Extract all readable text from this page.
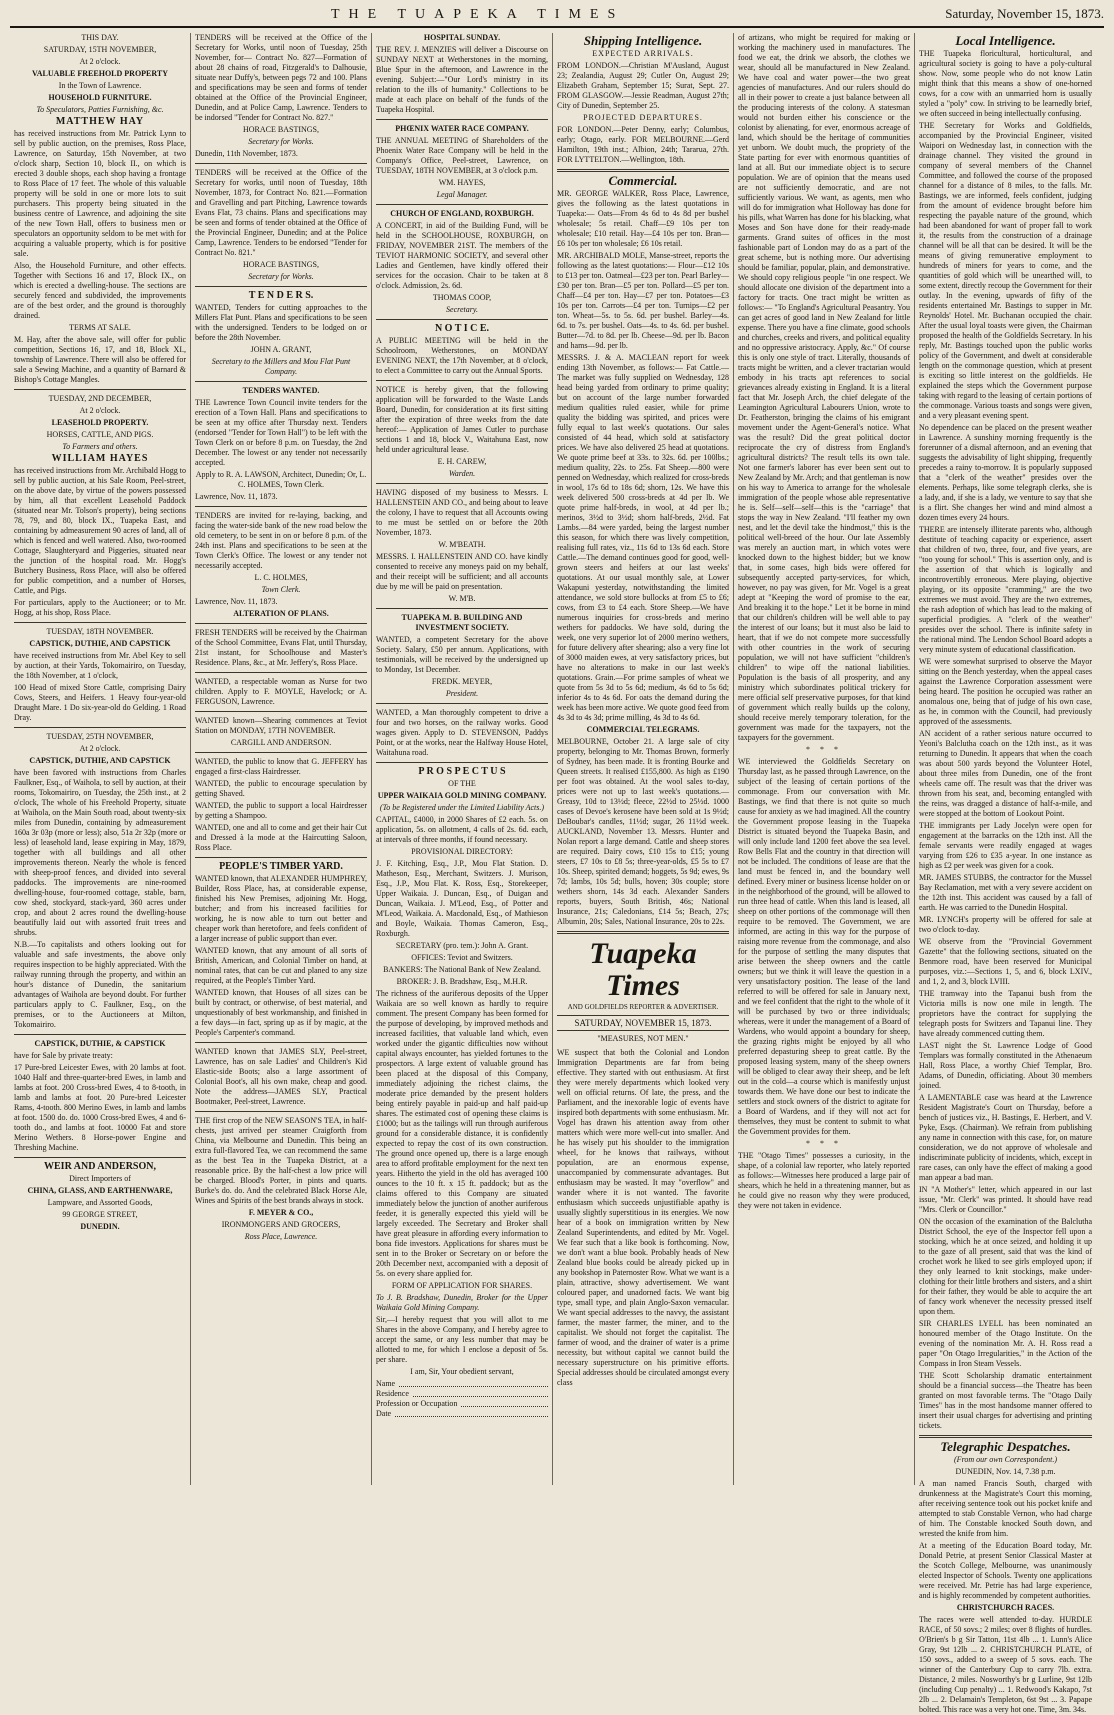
THE TUAPEKA TIMES	Saturday, November 15, 1873.

THIS DAY.

SATURDAY, 15TH NOVEMBER,

At 2 o'clock.

VALUABLE FREEHOLD PROPERTY

In the Town of Lawrence.

HOUSEHOLD FURNITURE.

To Speculators, Patties Furnishing, &c.

MATTHEW HAY

has received instructions from Mr. Patrick Lynn to sell by public auction, on the premises, Ross Place, Lawrence, on Saturday, 15th November, at two o'clock sharp, Section 10, block II., on which is erected 3 double shops, each shop having a frontage to Ross Place of 17 feet. The whole of this valuable property will be sold in one or more lots to suit purchasers. This property being situated in the business centre of Lawrence, and adjoining the site of the new Town Hall, offers to business men or speculators an opportunity seldom to be met with for acquiring a valuable property, which is for positive sale.

Also, the Household Furniture, and other effects. Together with Sections 16 and 17, Block IX., on which is erected a dwelling-house. The sections are securely fenced and subdivided, the improvements are of the best order, and the ground is thoroughly drained.

TERMS AT SALE.

M. Hay, after the above sale, will offer for public competition, Sections 16, 17, and 18, Block XI., township of Lawrence. There will also be offered for sale a Sewing Machine, and a quantity of Barnard & Bishop's Cottage Mangles.

TUESDAY, 2ND DECEMBER,

At 2 o'clock.

LEASEHOLD PROPERTY.

HORSES, CATTLE, AND PIGS.

To Farmers and others.

WILLIAM HAYES

has received instructions from Mr. Archibald Hogg to sell by public auction, at his Sale Room, Peel-street, on the above date, by virtue of the powers possessed by him, all that excellent Leasehold Paddock (situated near Mr. Tolson's property), being sections 78, 79, and 80, block IX., Tuapeka East, and containing by admeasurement 90 acres of land, all of which is fenced and well watered. Also, two-roomed Cottage, Slaughteryard and Piggeries, situated near the junction of the hospital road. Mr. Hogg's Butchery Business, Ross Place, will also be offered for public competition, and a number of Horses, Cattle, and Pigs.

For particulars, apply to the Auctioneer; or to Mr. Hogg, at his shop, Ross Place.

TUESDAY, 18TH NOVEMBER.

CAPSTICK, DUTHIE, AND CAPSTICK

have received instructions from Mr. Abel Key to sell by auction, at their Yards, Tokomairiro, on Tuesday, the 18th November, at 1 o'clock,

100 Head of mixed Store Cattle, comprising Dairy Cows, Steers, and Heifers. 1 Heavy four-year-old Draught Mare. 1 Do six-year-old do Gelding. 1 Road Dray.

TUESDAY, 25TH NOVEMBER,

At 2 o'clock.

CAPSTICK, DUTHIE, AND CAPSTICK

have been favored with instructions from Charles Faulkner, Esq., of Waihola, to sell by auction, at their rooms, Tokomairiro, on Tuesday, the 25th inst., at 2 o'clock, The whole of his Freehold Property, situate at Waihola, on the Main South road, about twenty-six miles from Dunedin, containing by admeasurement 160a 3r 03p (more or less); also, 51a 2r 32p (more or less) of leasehold land, lease expiring in May, 1879, together with all buildings and all other improvements thereon. Nearly the whole is fenced with sheep-proof fences, and divided into several paddocks. The improvements are nine-roomed dwelling-house, four-roomed cottage, stable, barn, cow shed, stockyard, stack-yard, 360 acres under crop, and about 2 acres round the dwelling-house beautifully laid out with assorted fruit trees and shrubs.

N.B.—To capitalists and others looking out for valuable and safe investments, the above only requires inspection to be highly appreciated. With the railway running through the property, and within an hour's distance of Dunedin, the sanitarium advantages of Waihola are beyond doubt. For further particulars apply to C. Faulkner, Esq., on the premises, or to the Auctioneers at Milton, Tokomairiro.

CAPSTICK, DUTHIE, & CAPSTICK

have for Sale by private treaty:

17 Pure-bred Leicester Ewes, with 20 lambs at foot. 1040 Half and three-quarter-bred Ewes, in lamb and lambs at foot. 200 Cross-bred Ewes, 4 to 8-tooth, in lamb and lambs at foot. 20 Pure-bred Leicester Rams, 4-tooth. 800 Merino Ewes, in lamb and lambs at foot. 1500 do. do. 1000 Cross-bred Ewes, 4 and 6-tooth do., and lambs at foot. 10000 Fat and store Merino Wethers. 8 Horse-power Engine and Threshing Machine.

WEIR AND ANDERSON,

Direct Importers of

CHINA, GLASS, AND EARTHENWARE,

Lampware, and Assorted Goods,

99 GEORGE STREET,

DUNEDIN.

TENDERS will be received at the Office of the Secretary for Works, until noon of Tuesday, 25th November, for— Contract No. 827—Formation of about 28 chains of road, Fitzgerald's to Dalhousie, situate near Duffy's, between pegs 72 and 100. Plans and specifications may be seen and forms of tender obtained at the Office of the Provincial Engineer, Dunedin, and at Police Camp, Lawrence. Tenders to be indorsed "Tender for Contract No. 827."

HORACE BASTINGS,

Secretary for Works.

Dunedin, 11th November, 1873.

TENDERS will be received at the Office of the Secretary for works, until noon of Tuesday, 18th November, 1873, for Contract No. 821.—Formation and Gravelling and part Pitching, Lawrence towards Evans Flat, 73 chains. Plans and specifications may be seen and forms of tender obtained at the Office of the Provincial Engineer, Dunedin; and at the Police Camp, Lawrence. Tenders to be endorsed "Tender for Contract No. 821."

HORACE BASTINGS,

Secretary for Works.

T E N D E R S.

WANTED, Tenders for cutting approaches to the Millers Flat Punt. Plans and specifications to be seen with the undersigned. Tenders to be lodged on or before the 28th November.

JOHN A. GRANT,

Secretary to the Millers and Mou Flat Punt Company.

TENDERS WANTED.

THE Lawrence Town Council invite tenders for the erection of a Town Hall. Plans and specifications to be seen at my office after Thursday next. Tenders (endorsed "Tender for Town Hall") to be left with the Town Clerk on or before 8 p.m. on Tuesday, the 2nd December. The lowest or any tender not necessarily accepted.

Apply to R. A. LAWSON, Architect, Dunedin; Or, L. C. HOLMES, Town Clerk.

Lawrence, Nov. 11, 1873.

TENDERS are invited for re-laying, backing, and facing the water-side bank of the new road below the old cemetery, to be sent in on or before 8 p.m. of the 24th inst. Plans and specifications to be seen at the Town Clerk's Office. The lowest or any tender not necessarily accepted.

L. C. HOLMES,

Town Clerk.

Lawrence, Nov. 11, 1873.

ALTERATION OF PLANS.

FRESH TENDERS will be received by the Chairman of the School Committee, Evans Flat, until Thursday, 21st instant, for Schoolhouse and Master's Residence. Plans, &c., at Mr. Jeffery's, Ross Place.

WANTED, a respectable woman as Nurse for two children. Apply to F. MOYLE, Havelock; or A. FERGUSON, Lawrence.

WANTED known—Shearing commences at Teviot Station on MONDAY, 17TH NOVEMBER.

CARGILL AND ANDERSON.

WANTED, the public to know that G. JEFFERY has engaged a first-class Hairdresser.

WANTED, the public to encourage speculation by getting Shaved.

WANTED, the public to support a local Hairdresser by getting a Shampoo.

WANTED, one and all to come and get their hair Cut and Dressed à la mode at the Haircutting Saloon, Ross Place.

PEOPLE'S TIMBER YARD.

WANTED known, that ALEXANDER HUMPHREY, Builder, Ross Place, has, at considerable expense, finished his New Premises, adjoining Mr. Hogg, butcher; and from his increased facilities for working, he is now able to turn out better and cheaper work than heretofore, and feels confident of a larger increase of public support than ever.

WANTED known, that any amount of all sorts of British, American, and Colonial Timber on hand, at nominal rates, that can be cut and planed to any size required, at the People's Timber Yard.

WANTED known, that Houses of all sizes can be built by contract, or otherwise, of best material, and unquestionably of best workmanship, and finished in a few days—in fact, spring up as if by magic, at the People's Carpenter's command.

WANTED known that JAMES SLY, Peel-street, Lawrence, has on sale Ladies' and Children's Kid Elastic-side Boots; also a large assortment of Colonial Boot's, all his own make, cheap and good. Note the address—JAMES SLY, Practical Bootmaker, Peel-street, Lawrence.

THE first crop of the NEW SEASON'S TEA, in half-chests, just arrived per steamer Craigforth from China, via Melbourne and Dunedin. This being an extra full-flavored Tea, we can recommend the same as the best Tea in the Tuapeka District, at a reasonable price. By the half-chest a low price will be charged. Blood's Porter, in pints and quarts. Burke's do. do. And the celebrated Black Horse Ale, Wines and Spirits of the best brands always in stock.

F. MEYER & CO.,

IRONMONGERS AND GROCERS,

Ross Place, Lawrence.

HOSPITAL SUNDAY.

THE REV. J. MENZIES will deliver a Discourse on SUNDAY NEXT at Wetherstones in the morning, Blue Spur in the afternoon, and Lawrence in the evening. Subject:—"Our Lord's ministry in its relation to the ills of humanity." Collections to be made at each place on behalf of the funds of the Tuapeka Hospital.

PHŒNIX WATER RACE COMPANY.

THE ANNUAL MEETING of Shareholders of the Phoenix Water Race Company will be held in the Company's Office, Peel-street, Lawrence, on TUESDAY, 18TH NOVEMBER, at 3 o'clock p.m.

WM. HAYES,

Legal Manager.

CHURCH OF ENGLAND, ROXBURGH.

A CONCERT, in aid of the Building Fund, will be held in the SCHOOLHOUSE, ROXBURGH, on FRIDAY, NOVEMBER 21ST. The members of the TEVIOT HARMONIC SOCIETY, and several other Ladies and Gentlemen, have kindly offered their services for the occasion. Chair to be taken at 8 o'clock. Admission, 2s. 6d.

THOMAS COOP,

Secretary.

N O T I C E.

A PUBLIC MEETING will be held in the Schoolroom, Wetherstones, on MONDAY EVENING NEXT, the 17th November, at 8 o'clock, to elect a Committee to carry out the Annual Sports.

NOTICE is hereby given, that the following application will be forwarded to the Waste Lands Board, Dunedin, for consideration at its first sitting after the expiration of three weeks from the date hereof:— Application of James Cutler to purchase sections 1 and 18, block V., Waitahuna East, now held under agricultural lease.

E. H. CAREW,

Warden.

HAVING disposed of my business to Messrs. I. HALLENSTEIN AND CO., and being about to leave the colony, I have to request that all Accounts owing to me must be settled on or before the 20th November, 1873.

W. M'BEATH.

MESSRS. I. HALLENSTEIN AND CO. have kindly consented to receive any moneys paid on my behalf, and their receipt will be sufficient; and all accounts due by me will be paid on presentation.

W. M'B.

TUAPEKA M. B. BUILDING AND INVESTMENT SOCIETY.

WANTED, a competent Secretary for the above Society. Salary, £50 per annum. Applications, with testimonials, will be received by the undersigned up to Monday, 1st December.

FREDK. MEYER,

President.

WANTED, a Man thoroughly competent to drive a four and two horses, on the railway works. Good wages given. Apply to D. STEVENSON, Paddys Point, or at the works, near the Halfway House Hotel, Waitahuna road.

P R O S P E C T U S

OF THE

UPPER WAIKAIA GOLD MINING COMPANY.

(To be Registered under the Limited Liability Acts.)

CAPITAL, £4000, in 2000 Shares of £2 each. 5s. on application, 5s. on allotment, 4 calls of 2s. 6d. each, at intervals of three months, if found necessary.

PROVISIONAL DIRECTORY:

J. F. Kitching, Esq., J.P., Mou Flat Station. D. Matheson, Esq., Merchant, Switzers. J. Murison, Esq., J.P., Mou Flat. K. Ross, Esq., Storekeeper, Upper Waikaia. J. Duncan, Esq., of Duigan and Duncan, Waikaia. J. M'Leod, Esq., of Potter and M'Leod, Waikaia. A. Macdonald, Esq., of Mathieson and Boyle, Waikaia. Thomas Cameron, Esq., Roxburgh.

SECRETARY (pro. tem.): John A. Grant.

OFFICES: Teviot and Switzers.

BANKERS: The National Bank of New Zealand.

BROKER: J. B. Bradshaw, Esq., M.H.R.

The richness of the auriferous deposits of the Upper Waikaia are so well known as hardly to require comment. The present Company has been formed for the purpose of developing, by improved methods and increased facilities, that valuable land which, even worked under the gigantic difficulties now without capital always encounter, has yielded fortunes to the prospectors. A large extent of valuable ground has been placed at the disposal of this Company, immediately adjoining the richest claims, the moderate price demanded by the present holders being entirely payable in paid-up and half paid-up shares. The estimated cost of opening these claims is £1000; but as the tailings will run through auriferous ground for a considerable distance, it is confidently expected to repay the cost of its own construction. The ground once opened up, there is a large enough area to afford profitable employment for the next ten years. Hitherto the yield in the old has averaged 100 ounces to the 10 ft. x 15 ft. paddock; but as the claims offered to this Company are situated immediately below the junction of another auriferous feeder, it is generally expected this yield will be largely exceeded. The Secretary and Broker shall have great pleasure in affording every information to bona fide investors. Applications for shares must be sent in to the Broker or Secretary on or before the 20th December next, accompanied with a deposit of 5s. on every share applied for.

FORM OF APPLICATION FOR SHARES.

To J. B. Bradshaw, Dunedin, Broker for the Upper Waikaia Gold Mining Company.

Sir,—I hereby request that you will allot to me Shares in the above Company, and I hereby agree to accept the same, or any less number that may be allotted to me, for which I enclose a deposit of 5s. per share.

I am, Sir, Your obedient servant,

Name
Residence
Profession or Occupation
Date

Shipping Intelligence.

EXPECTED ARRIVALS.

FROM LONDON.—Christian M'Ausland, August 23; Zealandia, August 29; Cutler On, August 29; Elizabeth Graham, September 15; Surat, Sept. 27. FROM GLASGOW.—Jessie Readman, August 27th; City of Dunedin, September 25.

PROJECTED DEPARTURES.

FOR LONDON.—Peter Denny, early; Columbus, early; Otago, early. FOR MELBOURNE.—Gerd Hamilton, 19th inst.; Albion, 24th; Tararua, 27th. FOR LYTTELTON.—Wellington, 18th.

Commercial.

MR. GEORGE WALKER, Ross Place, Lawrence, gives the following as the latest quotations in Tuapeka:— Oats—From 4s 6d to 4s 8d per bushel wholesale; 5s retail. Chaff—£9 10s per ton wholesale; £10 retail. Hay—£4 10s per ton. Bran—£6 10s per ton wholesale; £6 10s retail.

MR. ARCHIBALD MOLE, Manse-street, reports the following as the latest quotations:— Flour—£12 10s to £13 per ton. Oatmeal—£23 per ton. Pearl Barley—£30 per ton. Bran—£5 per ton. Pollard—£5 per ton. Chaff—£4 per ton. Hay—£7 per ton. Potatoes—£3 10s per ton. Carrots—£4 per ton. Turnips—£2 per ton. Wheat—5s. to 5s. 6d. per bushel. Barley—4s. 6d. to 7s. per bushel. Oats—4s. to 4s. 6d. per bushel. Butter—7d. to 8d. per lb. Cheese—9d. per lb. Bacon and hams—9d. per lb.

MESSRS. J. & A. MACLEAN report for week ending 13th November, as follows:— Fat Cattle.—The market was fully supplied on Wednesday, 128 head being yarded from ordinary to prime quality; but on account of the large number forwarded medium qualities ruled easier, while for prime quality the bidding was spirited, and prices were fully equal to last week's quotations. Our sales consisted of 44 head, which sold at satisfactory prices. We have also delivered 25 head at quotations. We quote prime beef at 33s. to 32s. 6d. per 100lbs.; medium quality, 22s. to 25s. Fat Sheep.—800 were penned on Wednesday, which realized for cross-breds in wool, 17s 6d to 18s 6d; shorn, 12s. We have this week delivered 500 cross-breds at 4d per lb. We quote prime half-breds, in wool, at 4d per lb.; merinos, 3½d to 3½d; shorn half-breds, 2½d. Fat Lambs.—84 were yarded, being the largest number this season, for which there was lively competition, realising full rates, viz., 11s 6d to 13s 6d each. Store Cattle.—The demand continues good for good, well-grown steers and heifers at our last weeks' quotations. At our usual monthly sale, at Lower Wakapuni yesterday, notwithstanding the limited attendance, we sold store bullocks at from £5 to £6; cows, from £3 to £4 each. Store Sheep.—We have numerous inquiries for cross-breds and merino wethers for paddocks. We have sold, during the week, one very superior lot of 2000 merino wethers, for future delivery after shearing; also a very fine lot of 3000 maiden ewes, at very satisfactory prices, but have no alterations to make in our last week's quotations. Grain.—For prime samples of wheat we quote from 5s 3d to 5s 6d; medium, 4s 6d to 5s 6d; inferior 4s to 4s 6d. For oats the demand during the week has been more active. We quote good feed from 4s 3d to 4s 3d; prime milling, 4s 3d to 4s 6d.

COMMERCIAL TELEGRAMS.

MELBOURNE, October 21. A large sale of city property, belonging to Mr. Thomas Brown, formerly of Sydney, has been made. It is fronting Bourke and Queen streets. It realised £155,800. As high as £190 per foot was obtained. At the wool sales to-day, prices were not up to last week's quotations.—Greasy, 10d to 13½d; fleece, 22½d to 25½d. 1000 cases of Devoe's kerosene have been sold at 1s 9½d; DeBoubar's candles, 11½d; sugar, 26 11½d week. AUCKLAND, November 13. Messrs. Hunter and Nolan report a large demand. Cattle and sheep stores are required. Dairy cows, £10 15s to £15; young steers, £7 10s to £8 5s; three-year-olds, £5 5s to £7 10s. Sheep, spirited demand; hoggets, 5s 9d; ewes, 9s 7d; lambs, 10s 5d; bulls, hoven; 30s couple; store wethers shorn, 14s 3d each. Alexander Sanders reports, buyers, South British, 46s; National Insurance, 21s; Caledonians, £14 5s; Beach, 27s; Albumin, 20s; Sales, National Insurance, 20s to 22s.

Tuapeka Times

AND GOLDFIELDS REPORTER & ADVERTISER.

SATURDAY, NOVEMBER 15, 1873.

"MEASURES, NOT MEN."

WE suspect that both the Colonial and London Immigration Departments are far from being effective. They started with out enthusiasm. At first they were merely departments which looked very well on official returns. Of late, the press, and the Parliament, and the inexorable logic of events have inspired both departments with some enthusiasm. Mr. Vogel has drawn his attention away from other matters which were more well-cut into smaller. And he has wisely put his shoulder to the immigration wheel, for he knows that railways, without population, are an enormous expense, unaccompanied by commensurate advantages. But enthusiasm may be wasted. It may "overflow" and wander where it is not wanted. The favorite enthusiasm which succeeds unjustifiable apathy is usually slightly superstitious in its energies. We now hear of a book on immigration written by New Zealand Superintendents, and edited by Mr. Vogel. We fear such that a like book is forthcoming. Now, we don't want a blue book. Probably heads of New Zealand blue books could be already picked up in any bookshop in Paternoster Row. What we want is a plain, attractive, showy advertisement. We want coloured paper, and unadorned facts. We want big type, small type, and plain Anglo-Saxon vernacular. We want special addresses to the navvy, the assistant farmer, the master farmer, the miner, and to the capitalist. We should not forget the capitalist. The farmer of wood, and the drainer of water is a prime necessity, but without capital we cannot build the necessary superstructure on his primitive efforts. Special addresses should be circulated amongst every class

of artizans, who might be required for making or working the machinery used in manufactures. The food we eat, the drink we absorb, the clothes we wear, should all be manufactured in New Zealand. We have coal and water power—the two great agencies of manufactures. And our rulers should do all in their power to create a just balance between all the producing interests of the colony. A statesman would not burden either his conscience or the colonist by alienating, for ever, enormous acreage of land, which should be the heritage of communities yet unborn. We doubt much, the propriety of the State parting for ever with enormous quantities of land at all. But our immediate object is to secure population. We are of opinion that the means used are not sufficiently democratic, and are not sufficiently various. We want, as agents, men who will do for immigration what Holloway has done for his pills, what Warren has done for his blacking, what Moses and Son have done for their ready-made garments. Grand suites of offices in the most fashionable part of London may do as a part of the great scheme, but is nothing more. Our advertising should be familiar, popular, plain, and demonstrative. We should copy religious people "in one respect. We should allocate one division of the department into a factory for tracts. One tract might be written as follows:— "To England's Agricultural Peasantry. You can get acres of good land in New Zealand for little expense. There you have a fine climate, good schools and churches, creeks and rivers, and political equality and no oppressive aristocracy. Apply, &c." Of course this is only one style of tract. Literally, thousands of tracts might be written, and a clever tractarian would embody in his tracts apt references to social grievances already existing in England. It is a literal fact that Mr. Joseph Arch, the chief delegate of the Leamington Agricultural Labourers Union, wrote to Dr. Featherston, bringing the claims of his emigrant movement under the Agent-General's notice. What was the result? Did the great political doctor reciprocate the cry of distress from England's agricultural districts? The result tells its own tale. Not one farmer's laborer has ever been sent out to New Zealand by Mr. Arch; and that gentleman is now on his way to America to arrange for the wholesale immigration of the people whose able representative he is. Self—self—self—this is the "carriage" that stops the way in New Zealand. "I'll feather my own nest, and let the devil take the hindmost," this is the political well-breed of the hour. Our late Assembly was merely an auction mart, in which votes were knocked down to the highest bidder; but we know that, in some cases, high bids were offered for subsequently accepted party-services, for which, however, no pay was given, for Mr. Vogel is a great adept at "Keeping the word of promise to the ear, And breaking it to the hope." Let it be borne in mind that our children's children will be well able to pay the interest of our loans; but it must also be laid to heart, that if we do not compete more successfully with other countries in the work of securing population, we will not have sufficient "children's children" to wipe off the national liabilities. Population is the basis of all prosperity, and any ministry which subordinates political trickery for mere official self preservative purposes, for that kind of government which really builds up the colony, should receive merely temporary toleration, for the government was made for the taxpayers, not the taxpayers for the government.

* * *

WE interviewed the Goldfields Secretary on Thursday last, as he passed through Lawrence, on the subject of the leasing of certain portions of the commonage. From our conversation with Mr. Bastings, we find that there is not quite so much cause for anxiety as we had imagined. All the country the Government propose leasing in the Tuapeka District is situated beyond the Tuapeka Basin, and will only include land 1200 feet above the sea level. Row Bells Flat and the country in that direction will not be included. The conditions of lease are that the land must be fenced in, and the boundary well defined. Every miner or business license holder on or in the neighborhood of the ground, will be allowed to run three head of cattle. When this land is leased, all sheep on other portions of the commonage will then require to be removed. The Government, we are informed, are acting in this way for the purpose of raising more revenue from the commonage, and also for the purpose of settling the many disputes that arise between the sheep owners and the cattle owners; but we think it will leave the question in a very unsatisfactory position. The lease of the land referred to will be offered for sale in January next, and we feel confident that the right to the whole of it will be purchased by two or three individuals; whereas, were it under the management of a Board of Wardens, who would appoint a boundary for sheep, the grazing rights might be enjoyed by all who preferred depasturing sheep to great cattle. By the proposed leasing system, many of the sheep owners will be obliged to clear away their sheep, and be left out in the cold—a course which is manifestly unjust towards them. We have done our best to indicate the settlers and stock owners of the district to agitate for a Board of Wardens, and if they will not act for themselves, they must be content to submit to what the Government provides for them.

* * *

THE "Otago Times" possesses a curiosity, in the shape, of a colonial law reporter, who lately reported as follows:—Witnesses here produced a large pair of shears, which he held in a threatening manner, but as he could give no reason why they were produced, they were not taken in evidence.

Local Intelligence.

THE Tuapeka floricultural, horticultural, and agricultural society is going to have a poly-cultural show. Now, some people who do not know Latin might think that this means a show of one-horned cows, for a cow with an unmarried horn is usually styled a "poly" cow. In striving to be learnedly brief, we often succeed in being intellectually confusing.

THE Secretary for Works and Goldfields, accompanied by the Provincial Engineer, visited Waipori on Wednesday last, in connection with the drainage channel. They visited the ground in company of several members of the Channel Committee, and followed the course of the proposed channel for a distance of 8 miles, to the falls. Mr. Bastings, we are informed, feels confident, judging from the amount of evidence brought before him respecting the payable nature of the ground, which had been abandoned for want of proper fall to work it, the results from the construction of a drainage channel will be all that can be desired. It will be the means of giving remunerative employment to hundreds of miners for years to come, and the quantities of gold which will be unearthed will, to some extent, directly recoup the Government for their outlay. In the evening, upwards of fifty of the residents entertained Mr. Bastings to supper in Mr. Reynolds' Hotel. Mr. Buchanan occupied the chair. After the usual loyal toasts were given, the Chairman proposed the health of the Goldfields Secretary. In his reply, Mr. Bastings touched upon the public works policy of the Government, and dwelt at considerable length on the commonage question, which at present is exciting so little interest on the goldfields. He explained the steps which the Government purpose taking with regard to the leasing of certain portions of the commonage. Various toasts and songs were given, and a very pleasant evening spent.

No dependence can be placed on the present weather in Lawrence. A sunshiny morning frequently is the forerunner of a dismal afternoon, and an evening that suggests the advisability of light shipping, frequently precedes a rainy to-morrow. It is popularly supposed that a "clerk of the weather" presides over the elements. Perhaps, like some telegraph clerks, she is a lady, and, if she is a lady, we venture to say that she is a flirt. She changes her wind and mind almost a dozen times every 24 hours.

THERE are intensely illiterate parents who, although destitute of teaching capacity or experience, assert that children of two, three, four, and five years, are "too young for school." This is assertion only, and is the assertion of that which is logically and incontrovertibly erroneous. Mere playing, objective playing, or its opposite "cramming," are the two extremes we must avoid. They are the two extremes, the rash adoption of which has lead to the making of superficial prodigies. A "clerk of the weather" presides over the school. There is infinite safety in the rational mind. The Lendon School Board adopts a very minute system of educational classification.

WE were somewhat surprised to observe the Mayor sitting on the Bench yesterday, when the appeal cases against the Lawrence Corporation assessment were being heard. The position he occupied was rather an anomalous one, being that of judge of his own case, as he, in common with the Council, had previously approved of the assessments.

AN accident of a rather serious nature occurred to Yeoni's Balclutha coach on the 12th inst., as it was returning to Dunedin. It appears that when the coach was about 500 yards beyond the Volunteer Hotel, about three miles from Dunedin, one of the front wheels came off. The result was that the driver was thrown from his seat, and, becoming entangled with the reins, was dragged a distance of half-a-mile, and were stopped at the bottom of Lookout Point.

THE immigrants per Lady Jocelyn were open for engagement at the barracks on the 12th inst. All the female servants were readily engaged at wages varying from £26 to £35 a-year. In one instance as high as £2 per week was given for a cook.

MR. JAMES STUBBS, the contractor for the Mussel Bay Reclamation, met with a very severe accident on the 12th inst. This accident was caused by a fall of earth. He was carried to the Dunedin Hospital.

MR. LYNCH's property will be offered for sale at two o'clock to-day.

WE observe from the "Provincial Government Gazette" that the following sections, situated on the Benmore road, have been reserved for Municipal purposes, viz.:—Sections 1, 5, and 6, block LXIV., and 1, 2, and 3, block LVIII.

THE tramway into the Tapanui bush from the Victoria mills is now one mile in length. The proprietors have the contract for supplying the telegraph posts for Switzers and Tapanui line. They have already commenced cutting them.

LAST night the St. Lawrence Lodge of Good Templars was formally constituted in the Athenaeum Hall, Ross Place, a worthy Chief Templar, Bro. Adams, of Dunedin, officiating. About 30 members joined.

A LAMENTABLE case was heard at the Lawrence Resident Magistrate's Court on Thursday, before a bench of justices viz., H. Bastings, E. Herbert, and V. Pyke, Esqs. (Chairman). We refrain from publishing any name in connection with this case, for, on mature consideration, we do not approve of wholesale and indiscriminate publicity of incidents, which, except in rare cases, can only have the effect of making a good man appear a bad man.

IN "A Mother's" letter, which appeared in our last issue, "Mr. Clerk" was printed. It should have read "Mrs. Clerk or Councillor."

ON the occasion of the examination of the Balclutha District School, the eye of the Inspector fell upon a stocking, which he at once seized, and holding it up to the gaze of all present, said that was the kind of crochet work he liked to see girls employed upon; if they only learned to knit stockings, make under-clothing for their little brothers and sisters, and a shirt for their father, they would be able to acquire the art of fancy work whenever the necessity pressed itself upon them.

SIR CHARLES LYELL has been nominated an honoured member of the Otago Institute. On the evening of the nomination Mr. A. H. Ross read a paper "On Otago Irregularities," in the Action of the Compass in Iron Steam Vessels.

THE Scott Scholarship dramatic entertainment should be a financial success—the Theatre has been granted on most favorable terms. The "Otago Daily Times" has in the most handsome manner offered to insert their usual charges for advertising and printing tickets.

Telegraphic Despatches.

(From our own Correspondent.)

DUNEDIN, Nov. 14, 7.38 p.m.

A man named Francis South, charged with drunkenness at the Magistrate's Court this morning, after receiving sentence took out his pocket knife and attempted to stab Constable Vernon, who had charge of him. The Constable knocked South down, and wrested the knife from him.

At a meeting of the Education Board today, Mr. Donald Petrie, at present Senior Classical Master at the Scotch College, Melbourne, was unanimously elected Inspector of Schools. Twenty one applications were received. Mr. Petrie has had large experience, and is highly recommended by competent authorities.

CHRISTCHURCH RACES.

The races were well attended to-day. HURDLE RACE, of 50 sovs.; 2 miles; over 8 flights of hurdles. O'Brien's b g Sir Tatton, 11st 4lb ... 1. Lunn's Alice Gray, 9st 12lb ... 2. CHRISTCHURCH PLATE, of 150 sovs., added to a sweep of 5 sovs. each. The winner of the Canterbury Cup to carry 7lb. extra. Distance, 2 miles. Nosworthy's br g Lurline, 9st 12lb (including Cup penalty) ... 1. Redwood's Kakapo, 7st 2lb ... 2. Delamain's Templeton, 6st 9st ... 3. Papape bolted. This race was a very hot one. Time, 3m. 34s.
